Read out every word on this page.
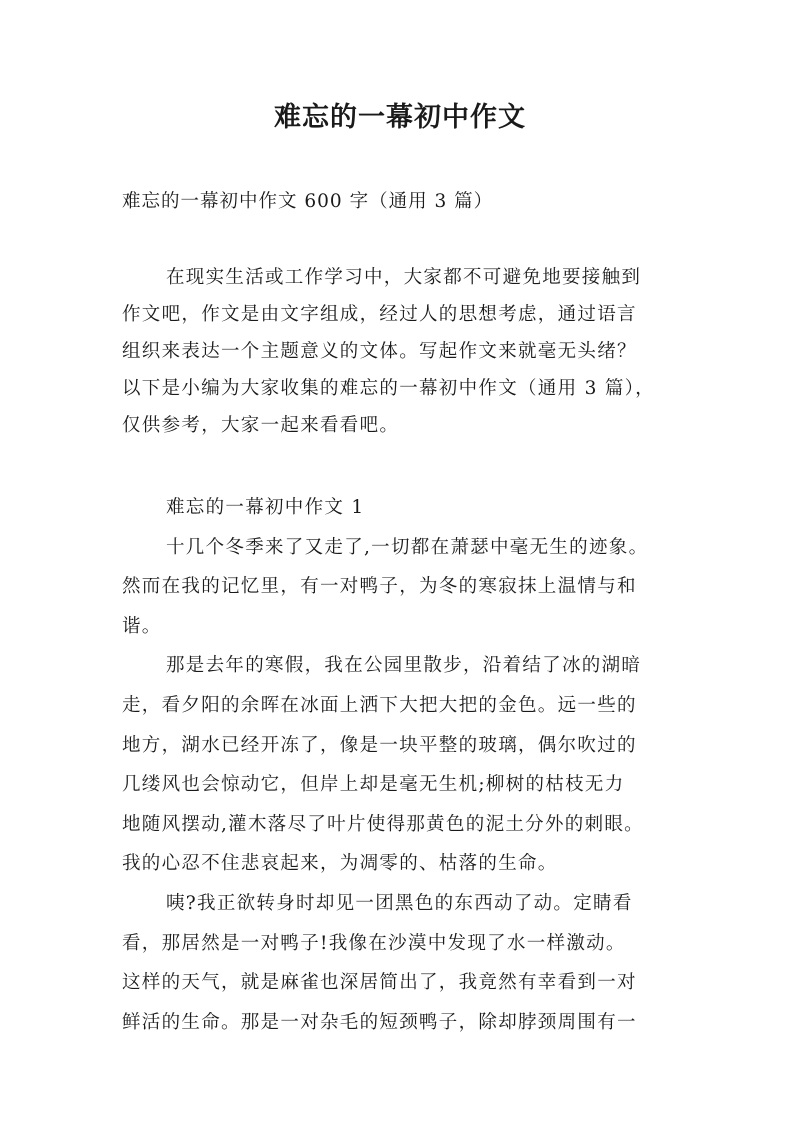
难忘的一幕初中作文
难忘的一幕初中作文 600 字（通用 3 篇）
在现实生活或工作学习中，大家都不可避免地要接触到
作文吧，作文是由文字组成，经过人的思想考虑，通过语言
组织来表达一个主题意义的文体。写起作文来就毫无头绪？
以下是小编为大家收集的难忘的一幕初中作文（通用 3 篇），
仅供参考，大家一起来看看吧。
难忘的一幕初中作文 1
十几个冬季来了又走了,一切都在萧瑟中毫无生的迹象。
然而在我的记忆里，有一对鸭子，为冬的寒寂抹上温情与和
谐。
那是去年的寒假，我在公园里散步，沿着结了冰的湖暗
走，看夕阳的余晖在冰面上洒下大把大把的金色。远一些的
地方，湖水已经开冻了，像是一块平整的玻璃，偶尔吹过的
几缕风也会惊动它，但岸上却是毫无生机;柳树的枯枝无力
地随风摆动,灌木落尽了叶片使得那黄色的泥土分外的刺眼。
我的心忍不住悲哀起来，为凋零的、枯落的生命。
咦?我正欲转身时却见一团黑色的东西动了动。定睛看
看，那居然是一对鸭子!我像在沙漠中发现了水一样激动。
这样的天气，就是麻雀也深居简出了，我竟然有幸看到一对
鲜活的生命。那是一对杂毛的短颈鸭子，除却脖颈周围有一
